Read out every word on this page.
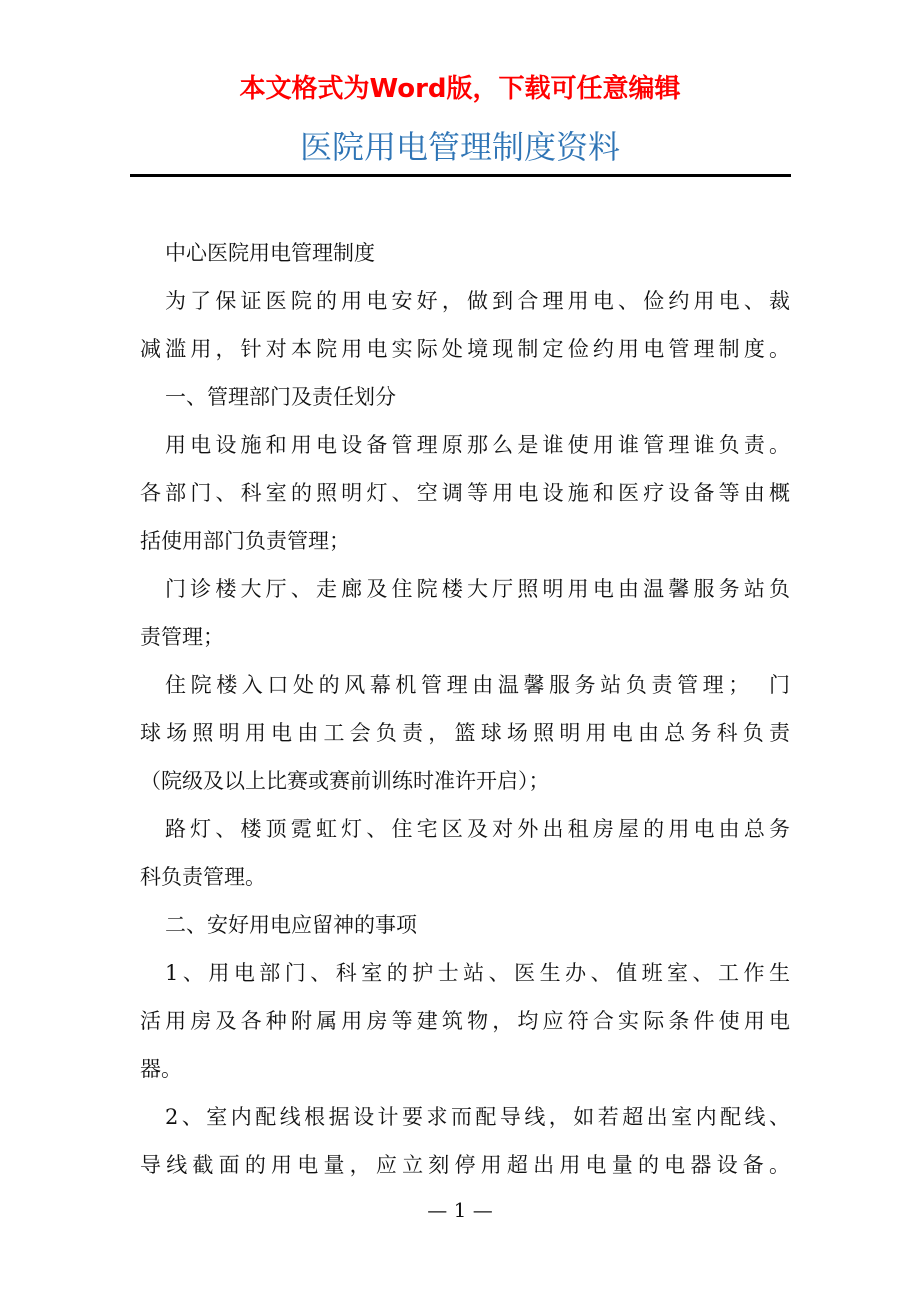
本文格式为Word版，下载可任意编辑
医院用电管理制度资料
中心医院用电管理制度
为了保证医院的用电安好，做到合理用电、俭约用电、裁
减滥用，针对本院用电实际处境现制定俭约用电管理制度。
一、管理部门及责任划分
用电设施和用电设备管理原那么是谁使用谁管理谁负责。
各部门、科室的照明灯、空调等用电设施和医疗设备等由概
括使用部门负责管理；
门诊楼大厅、走廊及住院楼大厅照明用电由温馨服务站负
责管理；
住院楼入口处的风幕机管理由温馨服务站负责管理；　门
球场照明用电由工会负责，篮球场照明用电由总务科负责
（院级及以上比赛或赛前训练时准许开启）；
路灯、楼顶霓虹灯、住宅区及对外出租房屋的用电由总务
科负责管理。
二、安好用电应留神的事项
1、用电部门、科室的护士站、医生办、值班室、工作生
活用房及各种附属用房等建筑物，均应符合实际条件使用电
器。
2、室内配线根据设计要求而配导线，如若超出室内配线、
导线截面的用电量，应立刻停用超出用电量的电器设备。
— 1 —
